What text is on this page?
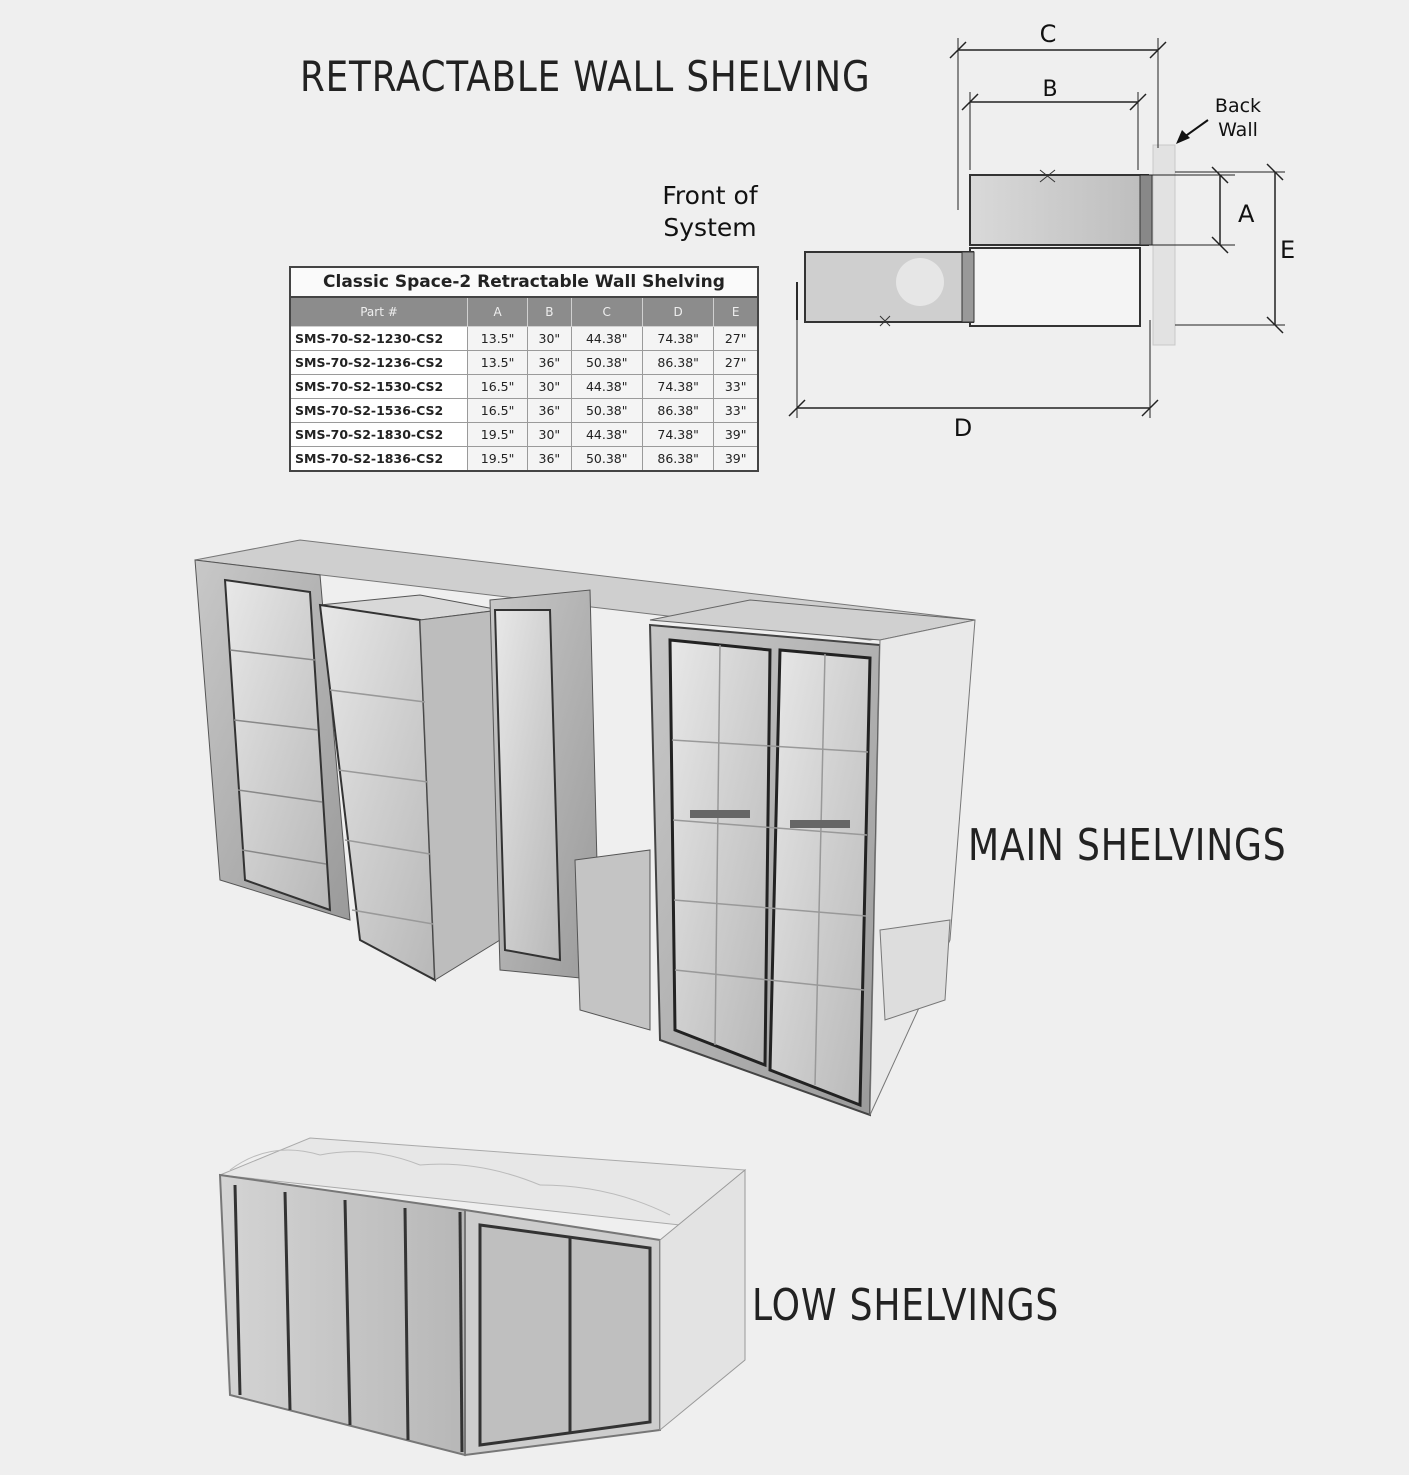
RETRACTABLE WALL SHELVING
Front of
System
C
B
A
E
D
Back
Wall
Classic Space-2 Retractable Wall Shelving					
Part #	A	B	C	D	E
SMS-70-S2-1230-CS2	13.5"	30"	44.38"	74.38"	27"
SMS-70-S2-1236-CS2	13.5"	36"	50.38"	86.38"	27"
SMS-70-S2-1530-CS2	16.5"	30"	44.38"	74.38"	33"
SMS-70-S2-1536-CS2	16.5"	36"	50.38"	86.38"	33"
SMS-70-S2-1830-CS2	19.5"	30"	44.38"	74.38"	39"
SMS-70-S2-1836-CS2	19.5"	36"	50.38"	86.38"	39"
MAIN SHELVINGS
LOW SHELVINGS
